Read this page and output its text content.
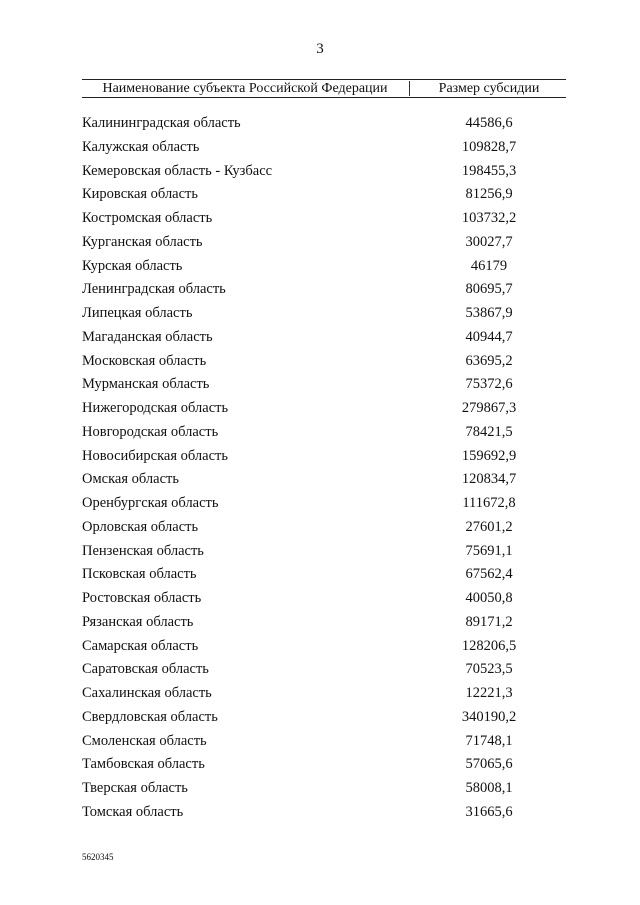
3
Наименование субъекта Российской Федерации	Размер субсидии
Калининградская область	44586,6
Калужская область	109828,7
Кемеровская область - Кузбасс	198455,3
Кировская область	81256,9
Костромская область	103732,2
Курганская область	30027,7
Курская область	46179
Ленинградская область	80695,7
Липецкая область	53867,9
Магаданская область	40944,7
Московская область	63695,2
Мурманская область	75372,6
Нижегородская область	279867,3
Новгородская область	78421,5
Новосибирская область	159692,9
Омская область	120834,7
Оренбургская область	111672,8
Орловская область	27601,2
Пензенская область	75691,1
Псковская область	67562,4
Ростовская область	40050,8
Рязанская область	89171,2
Самарская область	128206,5
Саратовская область	70523,5
Сахалинская область	12221,3
Свердловская область	340190,2
Смоленская область	71748,1
Тамбовская область	57065,6
Тверская область	58008,1
Томская область	31665,6
5620345
